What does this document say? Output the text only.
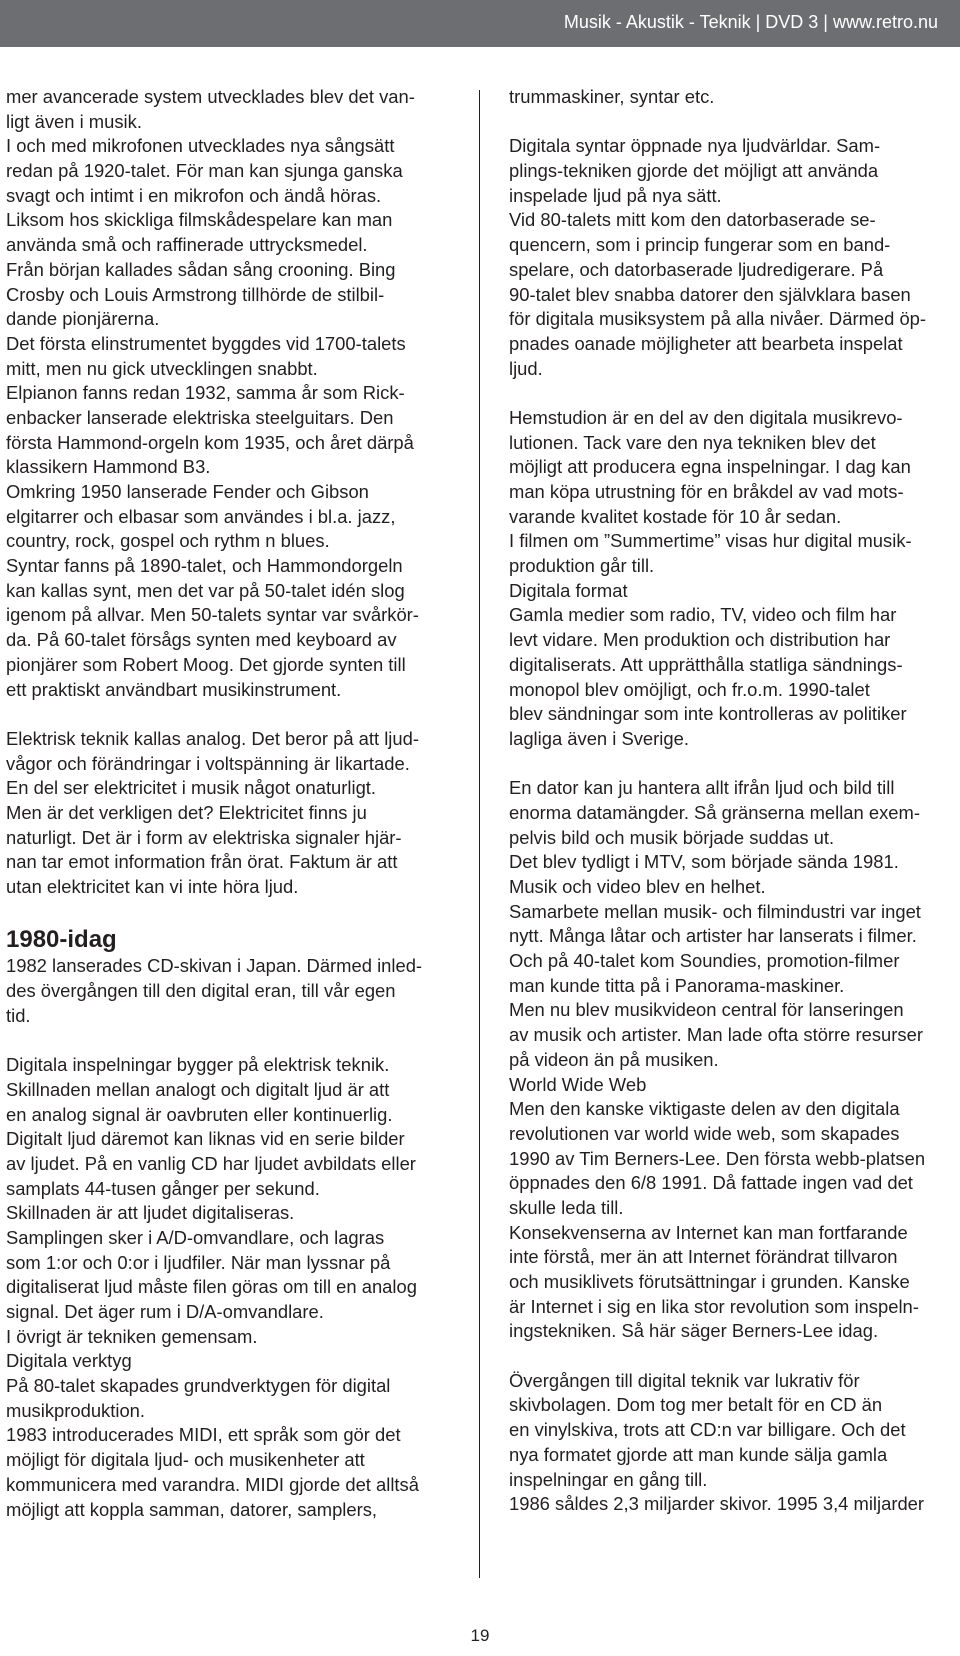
Musik - Akustik - Teknik | DVD 3 | www.retro.nu
mer avancerade system utvecklades blev det van-
ligt även i musik.
I och med mikrofonen utvecklades nya sångsätt
redan på 1920-talet. För man kan sjunga ganska
svagt och intimt i en mikrofon och ändå höras.
Liksom hos skickliga filmskådespelare kan man
använda små och raffinerade uttrycksmedel.
Från början kallades sådan sång crooning. Bing
Crosby och Louis Armstrong tillhörde de stilbil-
dande pionjärerna.
Det första elinstrumentet byggdes vid 1700-talets
mitt, men nu gick utvecklingen snabbt.
Elpianon fanns redan 1932, samma år som Rick-
enbacker lanserade elektriska steelguitars. Den
första Hammond-orgeln kom 1935, och året därpå
klassikern Hammond B3.
Omkring 1950 lanserade Fender och Gibson
elgitarrer och elbasar som användes i bl.a. jazz,
country, rock, gospel och rythm n blues.
Syntar fanns på 1890-talet, och Hammondorgeln
kan kallas synt, men det var på 50-talet idén slog
igenom på allvar. Men 50-talets syntar var svårkör-
da. På 60-talet försågs synten med keyboard av
pionjärer som Robert Moog. Det gjorde synten till
ett praktiskt användbart musikinstrument.
Elektrisk teknik kallas analog. Det beror på att ljud-
vågor och förändringar i voltspänning är likartade.
En del ser elektricitet i musik något onaturligt.
Men är det verkligen det? Elektricitet finns ju
naturligt. Det är i form av elektriska signaler hjär-
nan tar emot information från örat. Faktum är att
utan elektricitet kan vi inte höra ljud.
1980-idag
1982 lanserades CD-skivan i Japan. Därmed inled-
des övergången till den digital eran, till vår egen
tid.
Digitala inspelningar bygger på elektrisk teknik.
Skillnaden mellan analogt och digitalt ljud är att
en analog signal är oavbruten eller kontinuerlig.
Digitalt ljud däremot kan liknas vid en serie bilder
av ljudet. På en vanlig CD har ljudet avbildats eller
samplats 44-tusen gånger per sekund.
Skillnaden är att ljudet digitaliseras.
Samplingen sker i A/D-omvandlare, och lagras
som 1:or och 0:or i ljudfiler. När man lyssnar på
digitaliserat ljud måste filen göras om till en analog
signal. Det äger rum i D/A-omvandlare.
I övrigt är tekniken gemensam.
Digitala verktyg
På 80-talet skapades grundverktygen för digital
musikproduktion.
1983 introducerades MIDI, ett språk som gör det
möjligt för digitala ljud- och musikenheter att
kommunicera med varandra. MIDI gjorde det alltså
möjligt att koppla samman, datorer, samplers,
trummaskiner, syntar etc.
Digitala syntar öppnade nya ljudvärldar. Sam-
plings-tekniken gjorde det möjligt att använda
inspelade ljud på nya sätt.
Vid 80-talets mitt kom den datorbaserade se-
quencern, som i princip fungerar som en band-
spelare, och datorbaserade ljudredigerare. På
90-talet blev snabba datorer den självklara basen
för digitala musiksystem på alla nivåer. Därmed öp-
pnades oanade möjligheter att bearbeta inspelat
ljud.
Hemstudion är en del av den digitala musikrevo-
lutionen. Tack vare den nya tekniken blev det
möjligt att producera egna inspelningar. I dag kan
man köpa utrustning för en bråkdel av vad mots-
varande kvalitet kostade för 10 år sedan.
I filmen om ”Summertime” visas hur digital musik-
produktion går till.
Digitala format
Gamla medier som radio, TV, video och film har
levt vidare. Men produktion och distribution har
digitaliserats. Att upprätthålla statliga sändnings-
monopol blev omöjligt, och fr.o.m. 1990-talet
blev sändningar som inte kontrolleras av politiker
lagliga även i Sverige.
En dator kan ju hantera allt ifrån ljud och bild till
enorma datamängder. Så gränserna mellan exem-
pelvis bild och musik började suddas ut.
Det blev tydligt i MTV, som började sända 1981.
Musik och video blev en helhet.
Samarbete mellan musik- och filmindustri var inget
nytt. Många låtar och artister har lanserats i filmer.
Och på 40-talet kom Soundies, promotion-filmer
man kunde titta på i Panorama-maskiner.
Men nu blev musikvideon central för lanseringen
av musik och artister. Man lade ofta större resurser
på videon än på musiken.
World Wide Web
Men den kanske viktigaste delen av den digitala
revolutionen var world wide web, som skapades
1990 av Tim Berners-Lee. Den första webb-platsen
öppnades den 6/8 1991. Då fattade ingen vad det
skulle leda till.
Konsekvenserna av Internet kan man fortfarande
inte förstå, mer än att Internet förändrat tillvaron
och musiklivets förutsättningar i grunden. Kanske
är Internet i sig en lika stor revolution som inspeln-
ingstekniken. Så här säger Berners-Lee idag.
Övergången till digital teknik var lukrativ för
skivbolagen. Dom tog mer betalt för en CD än
en vinylskiva, trots att CD:n var billigare. Och det
nya formatet gjorde att man kunde sälja gamla
inspelningar en gång till.
1986 såldes 2,3 miljarder skivor. 1995 3,4 miljarder
19
